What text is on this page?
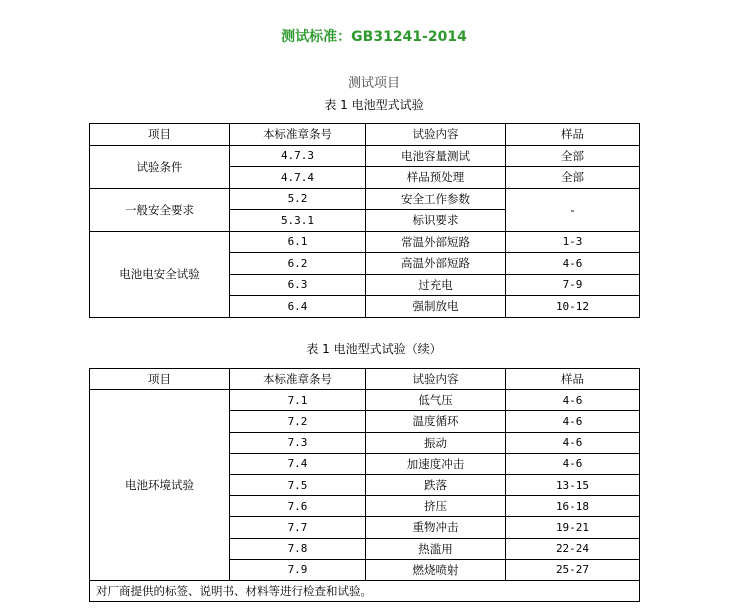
测试标准：GB31241-2014
测试项目
表 1 电池型式试验
项目	本标准章条号	试验内容	样品
试验条件	4.7.3	电池容量测试	全部
	4.7.4	样品预处理	全部
一般安全要求	5.2	安全工作参数	-
	5.3.1	标识要求	
电池电安全试验	6.1	常温外部短路	1-3
	6.2	高温外部短路	4-6
	6.3	过充电	7-9
	6.4	强制放电	10-12
表 1 电池型式试验（续）
项目	本标准章条号	试验内容	样品
电池环境试验	7.1	低气压	4-6
	7.2	温度循环	4-6
	7.3	振动	4-6
	7.4	加速度冲击	4-6
	7.5	跌落	13-15
	7.6	挤压	16-18
	7.7	重物冲击	19-21
	7.8	热滥用	22-24
	7.9	燃烧喷射	25-27
对厂商提供的标签、说明书、材料等进行检查和试验。			
